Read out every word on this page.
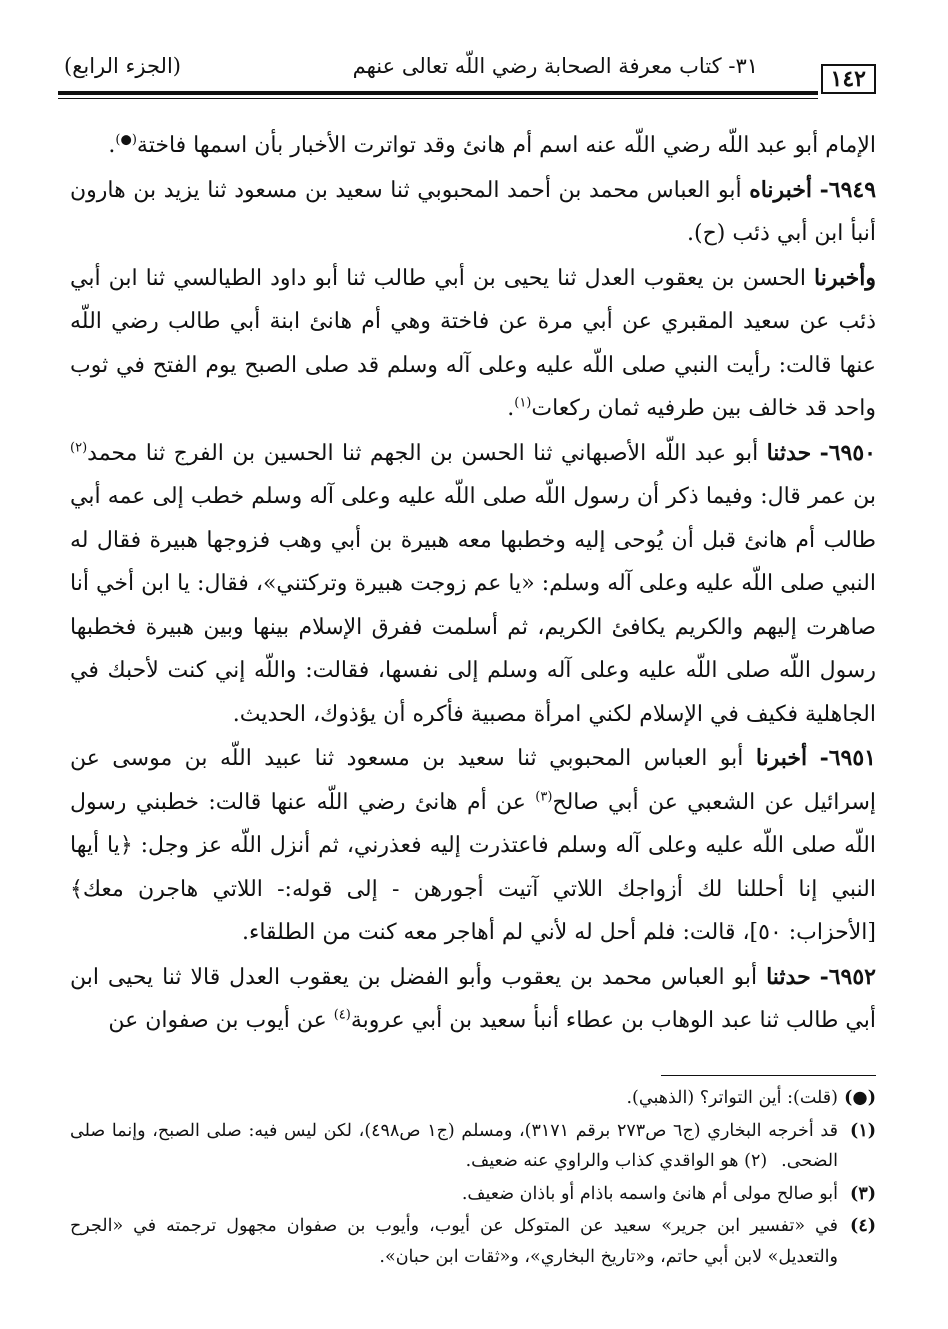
١٤٢
٣١- كتاب معرفة الصحابة رضي اللّه تعالى عنهم
(الجزء الرابع)

الإمام أبو عبد اللّه رضي اللّه عنه اسم أم هانئ وقد تواترت الأخبار بأن اسمها فاختة(●).

٦٩٤٩- أخبرناه أبو العباس محمد بن أحمد المحبوبي ثنا سعيد بن مسعود ثنا يزيد بن هارون أنبأ ابن أبي ذئب (ح).

وأخبرنا الحسن بن يعقوب العدل ثنا يحيى بن أبي طالب ثنا أبو داود الطيالسي ثنا ابن أبي ذئب عن سعيد المقبري عن أبي مرة عن فاختة وهي أم هانئ ابنة أبي طالب رضي اللّه عنها قالت: رأيت النبي صلى اللّه عليه وعلى آله وسلم قد صلى الصبح يوم الفتح في ثوب واحد قد خالف بين طرفيه ثمان ركعات$^{(١)}$.

٦٩٥٠- حدثنا أبو عبد اللّه الأصبهاني ثنا الحسن بن الجهم ثنا الحسين بن الفرج ثنا محمد$^{(٢)}$ بن عمر قال: وفيما ذكر أن رسول اللّه صلى اللّه عليه وعلى آله وسلم خطب إلى عمه أبي طالب أم هانئ قبل أن يُوحى إليه وخطبها معه هبيرة بن أبي وهب فزوجها هبيرة فقال له النبي صلى اللّه عليه وعلى آله وسلم: «يا عم زوجت هبيرة وتركتني»، فقال: يا ابن أخي أنا صاهرت إليهم والكريم يكافئ الكريم، ثم أسلمت ففرق الإسلام بينها وبين هبيرة فخطبها رسول اللّه صلى اللّه عليه وعلى آله وسلم إلى نفسها، فقالت: واللّه إني كنت لأحبك في الجاهلية فكيف في الإسلام لكني امرأة مصبية فأكره أن يؤذوك، الحديث.

٦٩٥١- أخبرنا أبو العباس المحبوبي ثنا سعيد بن مسعود ثنا عبيد اللّه بن موسى عن إسرائيل عن الشعبي عن أبي صالح$^{(٣)}$ عن أم هانئ رضي اللّه عنها قالت: خطبني رسول اللّه صلى اللّه عليه وعلى آله وسلم فاعتذرت إليه فعذرني، ثم أنزل اللّه عز وجل: ﴿يا أيها النبي إنا أحللنا لك أزواجك اللاتي آتيت أجورهن - إلى قوله:- اللاتي هاجرن معك﴾ [الأحزاب: ٥٠]، قالت: فلم أحل له لأني لم أهاجر معه كنت من الطلقاء.

٦٩٥٢- حدثنا أبو العباس محمد بن يعقوب وأبو الفضل بن يعقوب العدل قالا ثنا يحيى ابن أبي طالب ثنا عبد الوهاب بن عطاء أنبأ سعيد بن أبي عروبة$^{(٤)}$ عن أيوب بن صفوان عن

(●)
(قلت): أين التواتر؟ (الذهبي).

(١)
قد أخرجه البخاري (ج٦ ص٢٧٣ برقم ٣١٧١)، ومسلم (ج١ ص٤٩٨)، لكن ليس فيه: صلى الصبح، وإنما صلى الضحى.(٢) هو الواقدي كذاب والراوي عنه ضعيف.

(٣)
أبو صالح مولى أم هانئ واسمه باذام أو باذان ضعيف.

(٤)
في «تفسير ابن جرير» سعيد عن المتوكل عن أيوب، وأيوب بن صفوان مجهول ترجمته في «الجرح والتعديل» لابن أبي حاتم، و«تاريخ البخاري»، و«ثقات ابن حبان».
